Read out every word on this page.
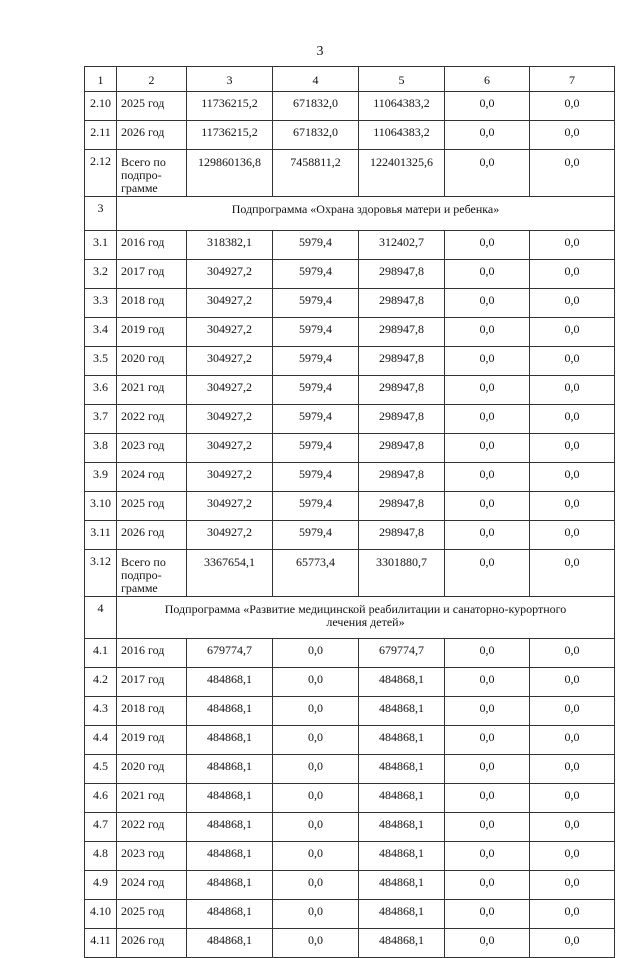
3
1	2	3	4	5	6	7
2.10	2025 год	11736215,2	671832,0	11064383,2	0,0	0,0
2.11	2026 год	11736215,2	671832,0	11064383,2	0,0	0,0
2.12	Всего по подпро-грамме	129860136,8	7458811,2	122401325,6	0,0	0,0
3	Подпрограмма «Охрана здоровья матери и ребенка»					
3.1	2016 год	318382,1	5979,4	312402,7	0,0	0,0
3.2	2017 год	304927,2	5979,4	298947,8	0,0	0,0
3.3	2018 год	304927,2	5979,4	298947,8	0,0	0,0
3.4	2019 год	304927,2	5979,4	298947,8	0,0	0,0
3.5	2020 год	304927,2	5979,4	298947,8	0,0	0,0
3.6	2021 год	304927,2	5979,4	298947,8	0,0	0,0
3.7	2022 год	304927,2	5979,4	298947,8	0,0	0,0
3.8	2023 год	304927,2	5979,4	298947,8	0,0	0,0
3.9	2024 год	304927,2	5979,4	298947,8	0,0	0,0
3.10	2025 год	304927,2	5979,4	298947,8	0,0	0,0
3.11	2026 год	304927,2	5979,4	298947,8	0,0	0,0
3.12	Всего по подпро-грамме	3367654,1	65773,4	3301880,7	0,0	0,0
4	Подпрограмма «Развитие медицинской реабилитации и санаторно-курортного лечения детей»					
4.1	2016 год	679774,7	0,0	679774,7	0,0	0,0
4.2	2017 год	484868,1	0,0	484868,1	0,0	0,0
4.3	2018 год	484868,1	0,0	484868,1	0,0	0,0
4.4	2019 год	484868,1	0,0	484868,1	0,0	0,0
4.5	2020 год	484868,1	0,0	484868,1	0,0	0,0
4.6	2021 год	484868,1	0,0	484868,1	0,0	0,0
4.7	2022 год	484868,1	0,0	484868,1	0,0	0,0
4.8	2023 год	484868,1	0,0	484868,1	0,0	0,0
4.9	2024 год	484868,1	0,0	484868,1	0,0	0,0
4.10	2025 год	484868,1	0,0	484868,1	0,0	0,0
4.11	2026 год	484868,1	0,0	484868,1	0,0	0,0
